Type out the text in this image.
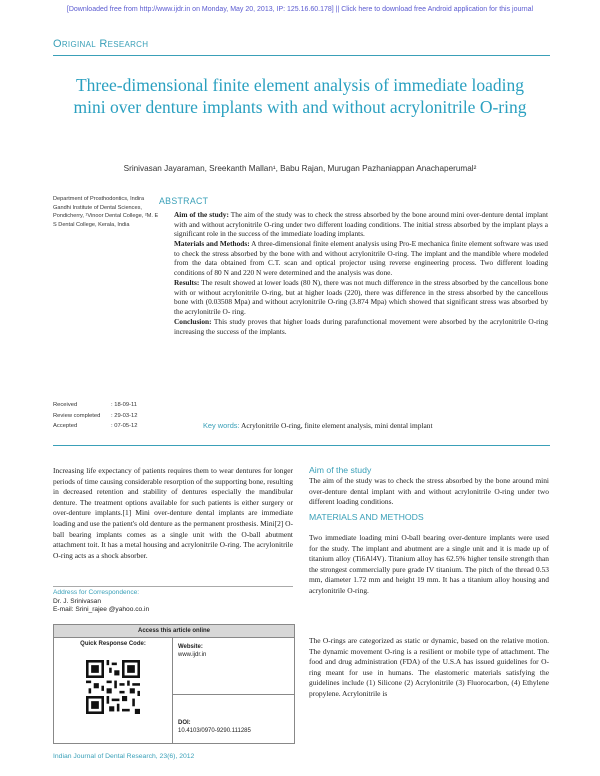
[Downloaded free from http://www.ijdr.in on Monday, May 20, 2013, IP: 125.16.60.178] || Click here to download free Android application for this journal
Original Research
Three-dimensional finite element analysis of immediate loading mini over denture implants with and without acrylonitrile O-ring
Srinivasan Jayaraman, Sreekanth Mallan¹, Babu Rajan, Murugan Pazhaniappan Anachaperumal²
Department of Prosthodontics, Indira Gandhi Institute of Dental Sciences, Pondicherry, ¹Vinoor Dental College, ²M. E S Dental College, Kerala, India
Received	: 18-09-11
Review completed	: 29-03-12
Accepted	: 07-05-12
ABSTRACT

Aim of the study: The aim of the study was to check the stress absorbed by the bone around mini over-denture dental implant with and without acrylonitrile O-ring under two different loading conditions. The initial stress absorbed by the implant plays a significant role in the success of the immediate loading implants.

Materials and Methods: A three-dimensional finite element analysis using Pro-E mechanica finite element software was used to check the stress absorbed by the bone with and without acrylonitrile O-ring. The implant and the mandible where modeled from the data obtained from C.T. scan and optical projector using reverse engineering process. Two different loading conditions of 80 N and 220 N were determined and the analysis was done.

Results: The result showed at lower loads (80 N), there was not much difference in the stress absorbed by the cancellous bone with or without acrylonitrile O-ring, but at higher loads (220), there was difference in the stress absorbed by the cancellous bone with (0.03508 Mpa) and without acrylonitrile O-ring (3.874 Mpa) which showed that significant stress was absorbed by the acrylonitrile O- ring.

Conclusion: This study proves that higher loads during parafunctional movement were absorbed by the acrylonitrile O-ring increasing the success of the implants.

Key words: Acrylonitrile O-ring, finite element analysis, mini dental implant

Increasing life expectancy of patients requires them to wear dentures for longer periods of time causing considerable resorption of the supporting bone, resulting in decreased retention and stability of dentures especially the mandibular denture. The treatment options available for such patients is either surgery or over-denture implants.[1] Mini over-denture dental implants are immediate loading and use the patient's old denture as the permanent prosthesis. Mini[2] O-ball bearing implants comes as a single unit with the O-ball abutment attachment toit. It has a metal housing and acrylonitrile O-ring. The acrylonitrile O-ring acts as a shock absorber.

Address for Correspondence:
Dr. J. Srinivasan
E-mail: Srini_rajee @yahoo.co.in
Access this article online
Quick Response Code:	Website:
www.ijdr.in
DOI:
10.4103/0970-9290.111285
Aim of the study

The aim of the study was to check the stress absorbed by the bone around mini over-denture dental implant with and without acrylonitrile O-ring under two different loading conditions.

MATERIALS AND METHODS

Two immediate loading mini O-ball bearing over-denture implants were used for the study. The implant and abutment are a single unit and it is made up of titanium alloy (Ti6Al4V). Titanium alloy has 62.5% higher tensile strength than the strongest commercially pure grade IV titanium. The pitch of the thread 0.53 mm, diameter 1.72 mm and height 19 mm. It has a titanium alloy housing and acrylonitrile O-ring.

The O-rings are categorized as static or dynamic, based on the relative motion. The dynamic movement O-ring is a resilient or mobile type of attachment. The food and drug administration (FDA) of the U.S.A has issued guidelines for O-ring meant for use in humans. The elastomeric materials satisfying the guidelines include (1) Silicone (2) Acrylonitrile (3) Fluorocarbon, (4) Ethylene propylene. Acrylonitrile is

Indian Journal of Dental Research, 23(6), 2012
